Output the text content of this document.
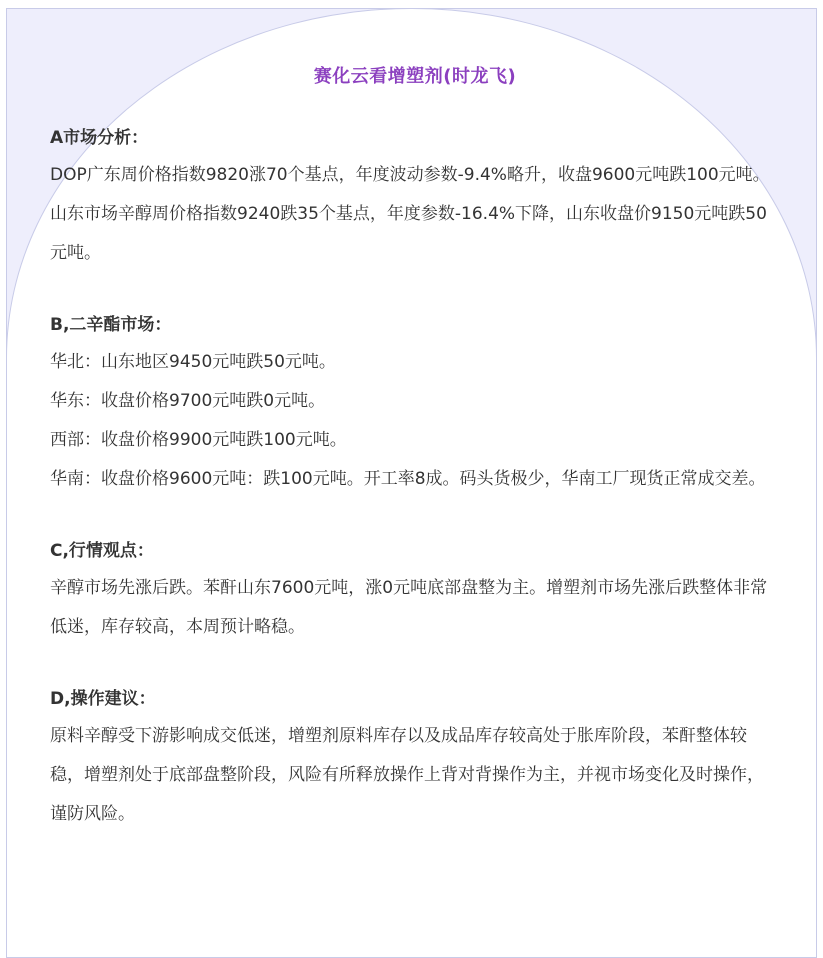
赛化云看增塑剂(时龙飞)

A市场分析：

DOP广东周价格指数9820涨70个基点，年度波动参数-9.4%略升，收盘9600元吨跌100元吨。

山东市场辛醇周价格指数9240跌35个基点，年度参数-16.4%下降，山东收盘价9150元吨跌50元吨。

B,二辛酯市场：

华北：山东地区9450元吨跌50元吨。

华东：收盘价格9700元吨跌0元吨。

西部：收盘价格9900元吨跌100元吨。

华南：收盘价格9600元吨：跌100元吨。开工率8成。码头货极少，华南工厂现货正常成交差。

C,行情观点：

辛醇市场先涨后跌。苯酐山东7600元吨，涨0元吨底部盘整为主。增塑剂市场先涨后跌整体非常低迷，库存较高，本周预计略稳。

D,操作建议：

原料辛醇受下游影响成交低迷，增塑剂原料库存以及成品库存较高处于胀库阶段，苯酐整体较稳，增塑剂处于底部盘整阶段，风险有所释放操作上背对背操作为主，并视市场变化及时操作，谨防风险。
